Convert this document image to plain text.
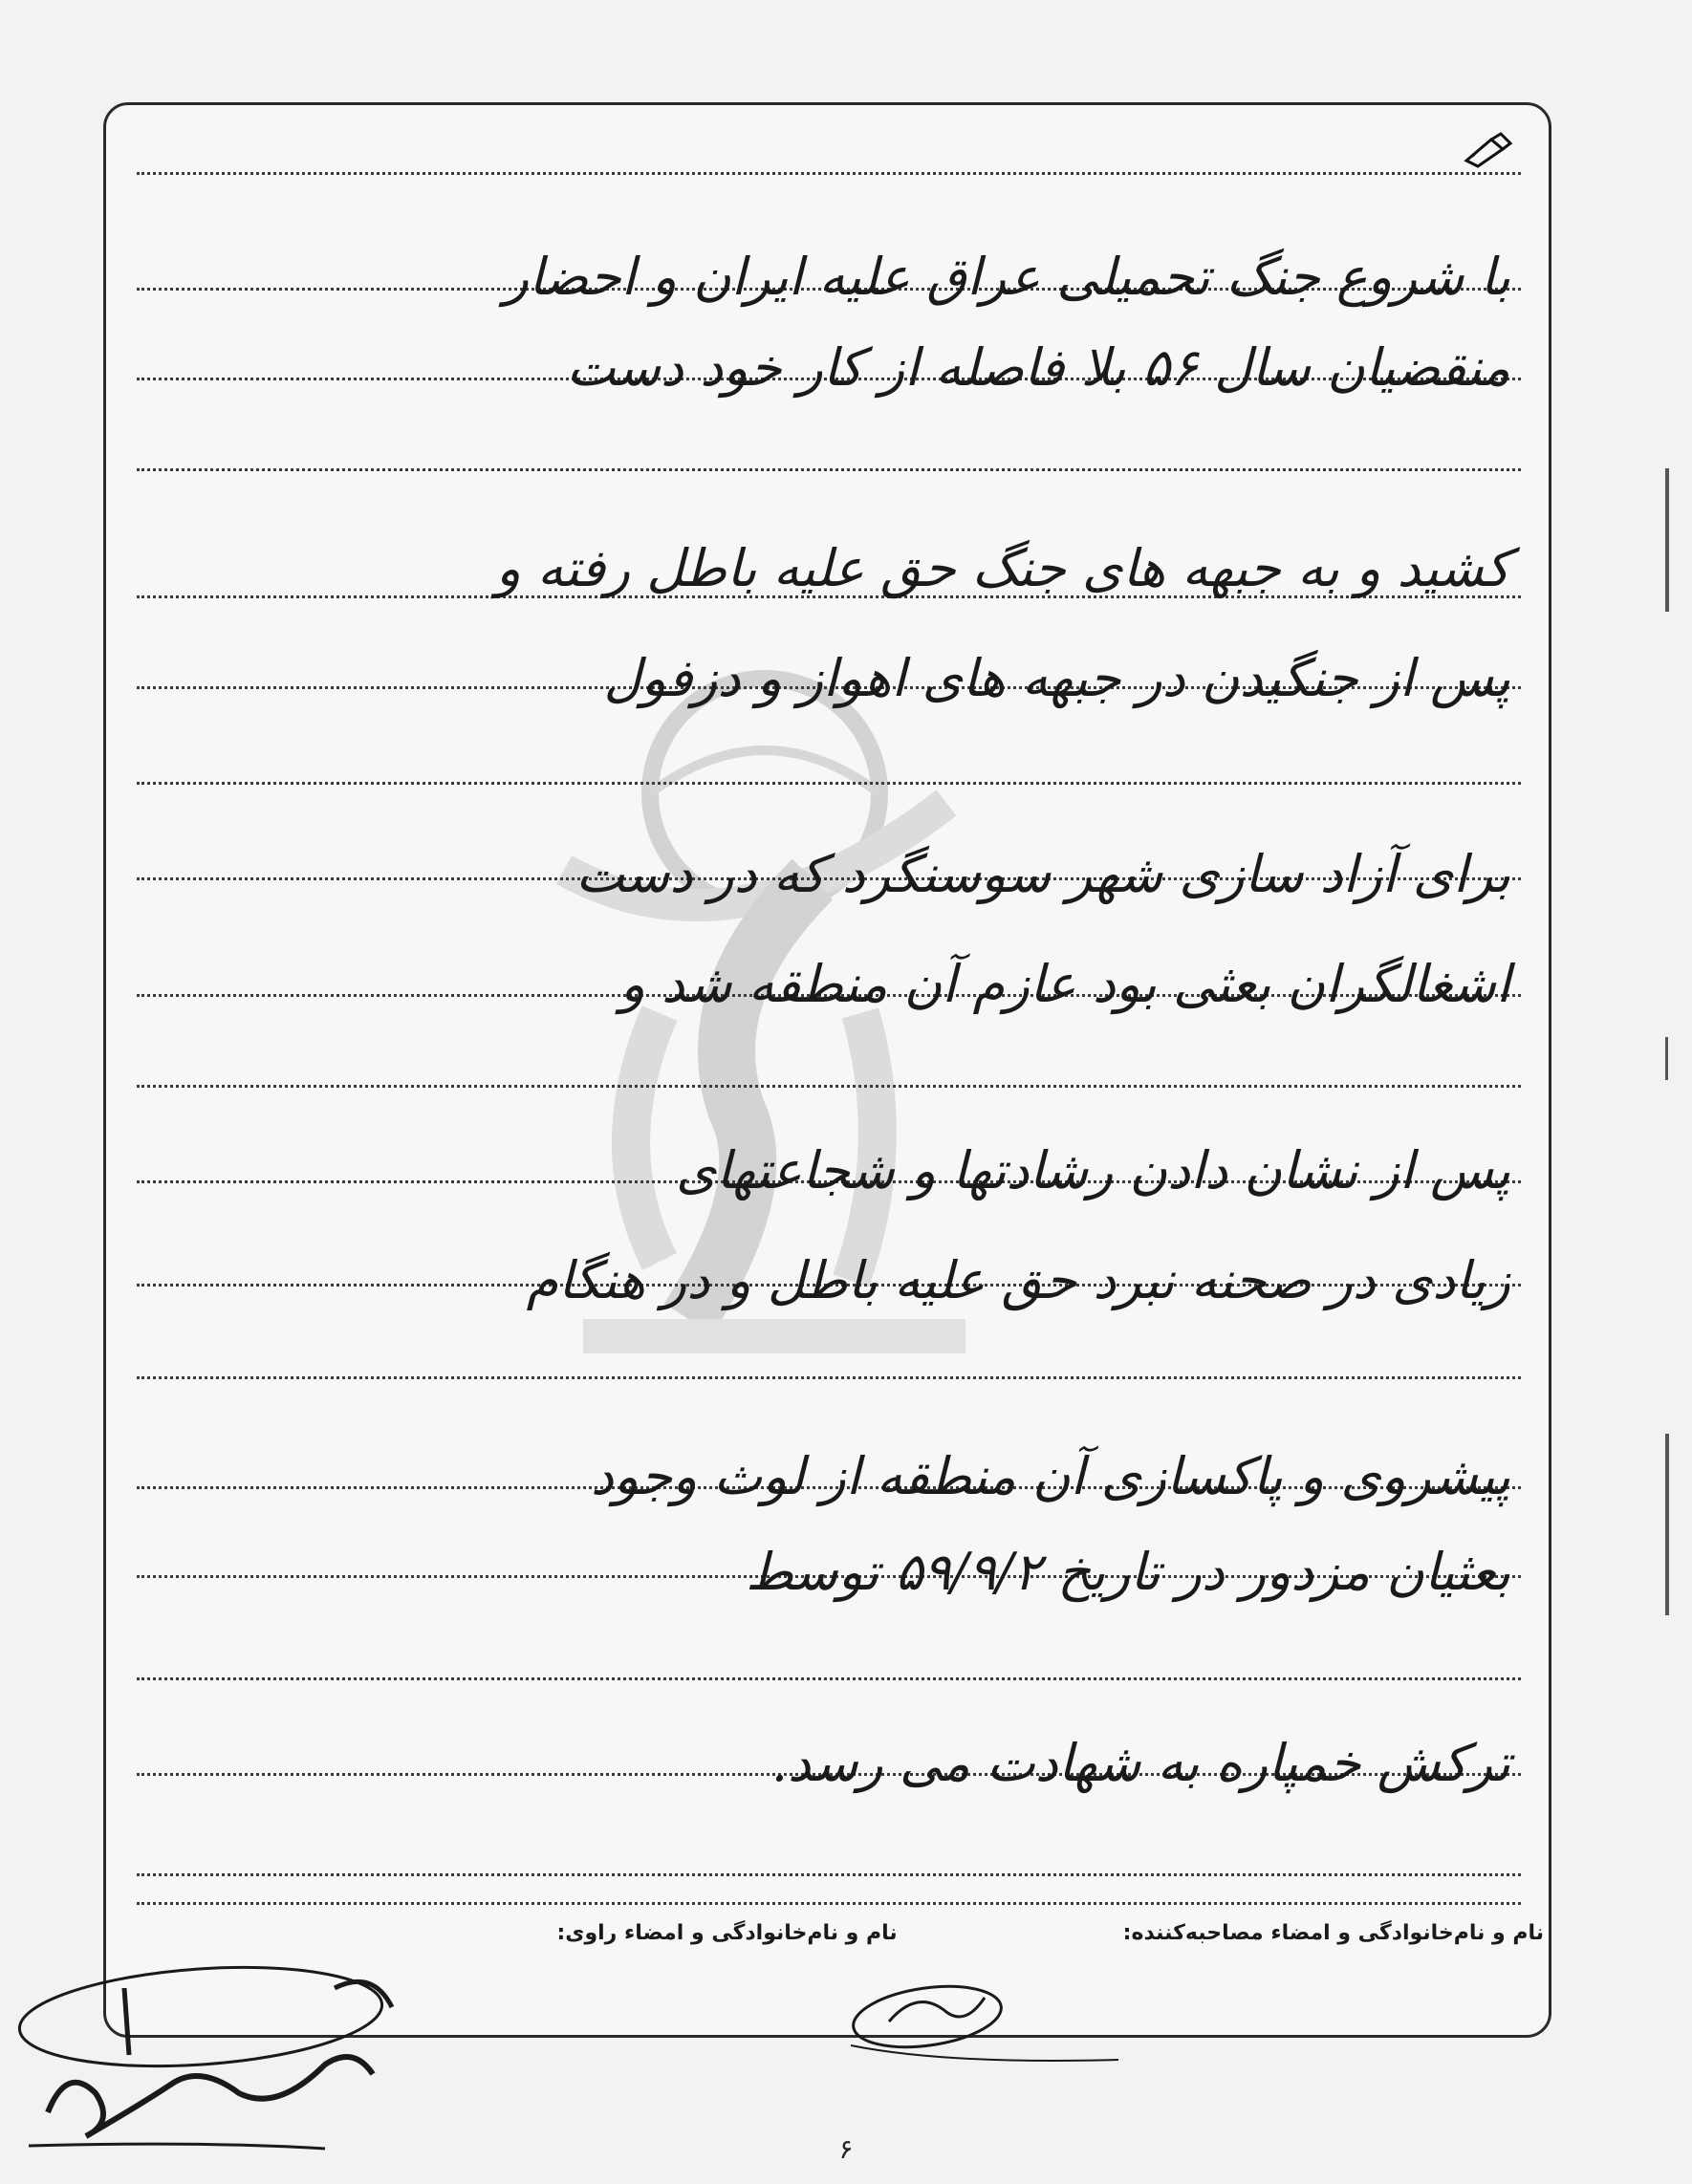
با شروع جنگ تحمیلی عراق علیه ایران و احضار
منقضیان سال ۵۶ بلا فاصله از کار خود دست
کشید و به جبهه های جنگ حق علیه باطل رفته و
پس از جنگیدن در جبهه های اهواز و دزفول
برای آزاد سازی شهر سوسنگرد که در دست
اشغالگران بعثی بود عازم آن منطقه شد و
پس از نشان دادن رشادتها و شجاعتهای
زیادی در صحنه نبرد حق علیه باطل و در هنگام
پیشروی و پاکسازی آن منطقه از لوث وجود
بعثیان مزدور در تاریخ ۵۹/۹/۲ توسط
ترکش خمپاره به شهادت می رسد.
نام و نام‌خانوادگی و امضاء مصاحبه‌کننده:
نام و نام‌خانوادگی و امضاء راوی:
۶
